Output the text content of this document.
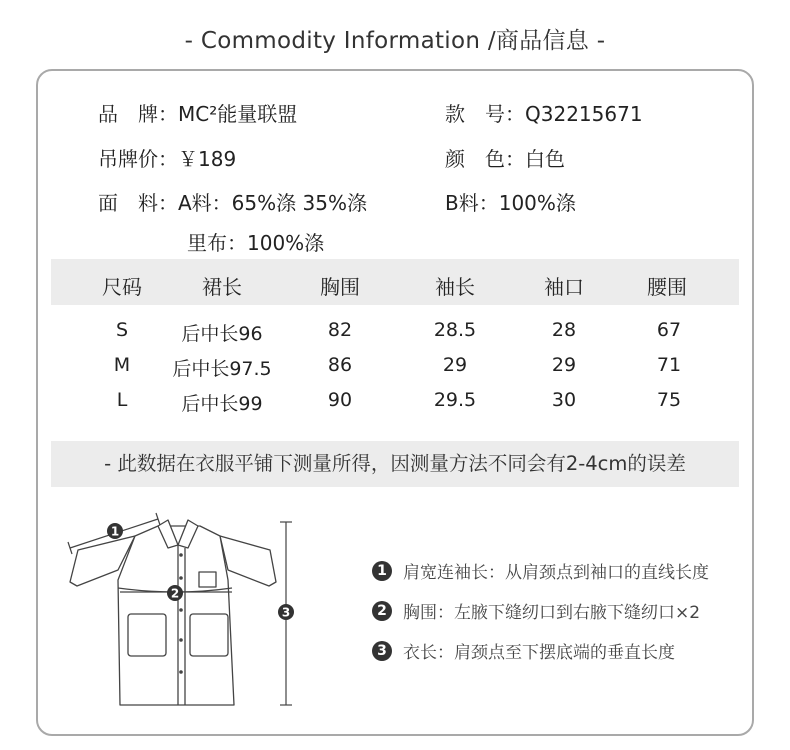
- Commodity Information /商品信息 -
品　牌：MC²能量联盟	款　号：Q32215671
吊牌价：￥189	颜　色：白色
面　料：A料：65%涤 35%涤	B料：100%涤
里布：100%涤
尺码	裙长	胸围	袖长	袖口	腰围
S	后中长96	82	28.5	28	67
M 后中长97.5	86	29	29	71
L	后中长99	90	29.5	30	75
- 此数据在衣服平铺下测量所得，因测量方法不同会有2-4cm的误差
1
2
3
1 肩宽连袖长：从肩颈点到袖口的直线长度
2 胸围：左腋下缝纫口到右腋下缝纫口×2
3 衣长：肩颈点至下摆底端的垂直长度
